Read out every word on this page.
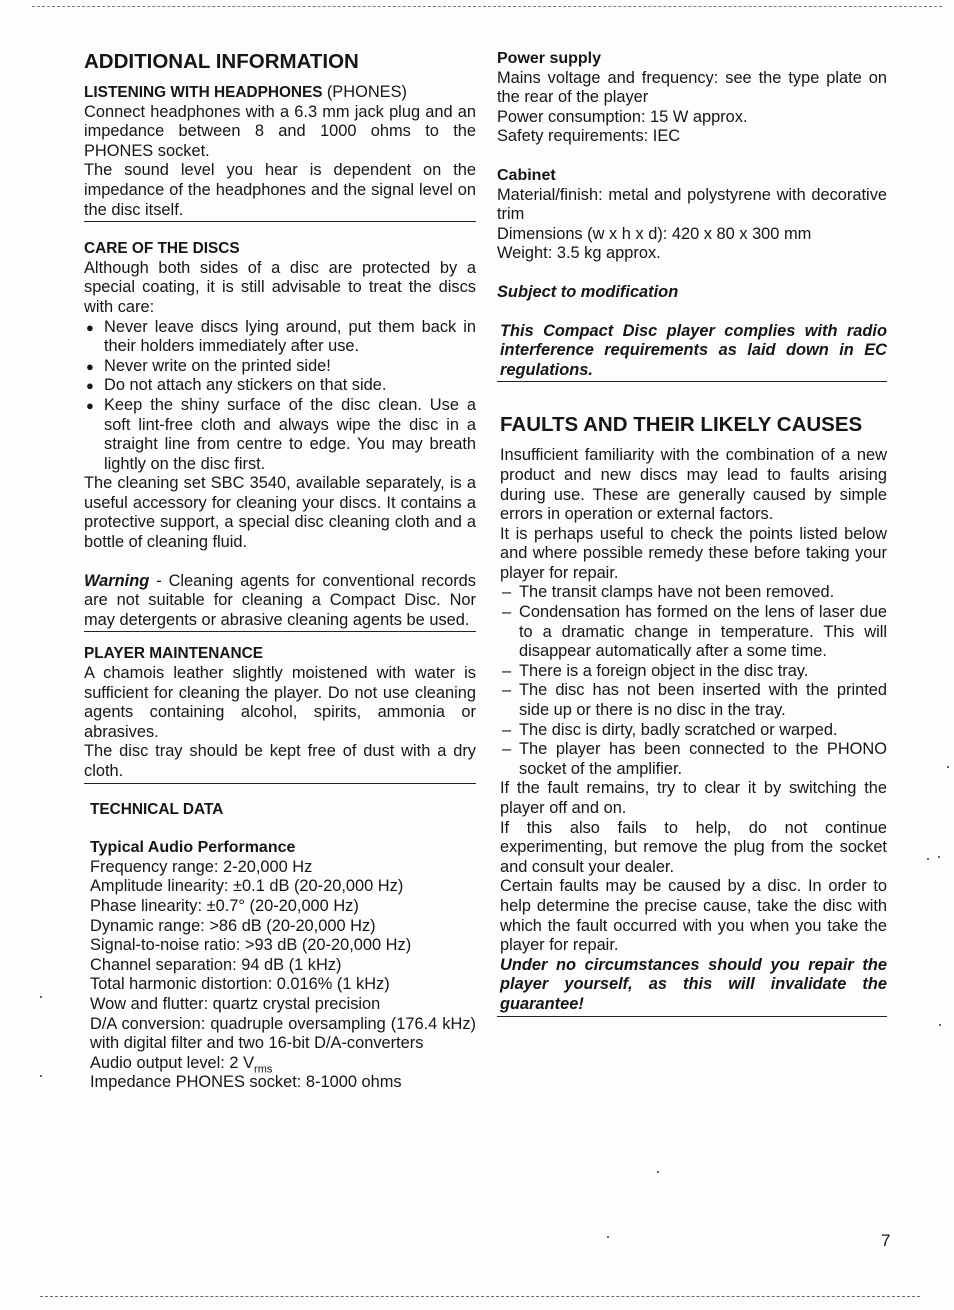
ADDITIONAL INFORMATION
LISTENING WITH HEADPHONES (PHONES)

Connect headphones with a 6.3 mm jack plug and an impedance between 8 and 1000 ohms to the PHONES socket.

The sound level you hear is dependent on the impedance of the headphones and the signal level on the disc itself.

CARE OF THE DISCS

Although both sides of a disc are protected by a special coating, it is still advisable to treat the discs with care:

● Never leave discs lying around, put them back in their holders immediately after use.
● Never write on the printed side!
● Do not attach any stickers on that side.
● Keep the shiny surface of the disc clean. Use a soft lint-free cloth and always wipe the disc in a straight line from centre to edge. You may breath lightly on the disc first.

The cleaning set SBC 3540, available separately, is a useful accessory for cleaning your discs. It contains a protective support, a special disc cleaning cloth and a bottle of cleaning fluid.

Warning - Cleaning agents for conventional records are not suitable for cleaning a Compact Disc. Nor may detergents or abrasive cleaning agents be used.

PLAYER MAINTENANCE

A chamois leather slightly moistened with water is sufficient for cleaning the player. Do not use cleaning agents containing alcohol, spirits, ammonia or abrasives.

The disc tray should be kept free of dust with a dry cloth.

TECHNICAL DATA
Typical Audio Performance
Frequency range: 2-20,000 Hz
Amplitude linearity: ±0.1 dB (20-20,000 Hz)
Phase linearity: ±0.7° (20-20,000 Hz)
Dynamic range: >86 dB (20-20,000 Hz)
Signal-to-noise ratio: >93 dB (20-20,000 Hz)
Channel separation: 94 dB (1 kHz)
Total harmonic distortion: 0.016% (1 kHz)
Wow and flutter: quartz crystal precision

D/A conversion: quadruple oversampling (176.4 kHz) with digital filter and two 16-bit D/A-converters

Audio output level: 2 $V_{rms}$
Impedance PHONES socket: 8-1000 ohms
Power supply

Mains voltage and frequency: see the type plate on the rear of the player

Power consumption: 15 W approx.
Safety requirements: IEC
Cabinet

Material/finish: metal and polystyrene with decorative trim

Dimensions (w x h x d): 420 x 80 x 300 mm
Weight: 3.5 kg approx.
Subject to modification

This Compact Disc player complies with radio interference requirements as laid down in EC regulations.

FAULTS AND THEIR LIKELY CAUSES

Insufficient familiarity with the combination of a new product and new discs may lead to faults arising during use. These are generally caused by simple errors in operation or external factors.

It is perhaps useful to check the points listed below and where possible remedy these before taking your player for repair.

– The transit clamps have not been removed.
– Condensation has formed on the lens of laser due to a dramatic change in temperature. This will disappear automatically after a some time.
– There is a foreign object in the disc tray.
– The disc has not been inserted with the printed side up or there is no disc in the tray.
– The disc is dirty, badly scratched or warped.
– The player has been connected to the PHONO socket of the amplifier.

If the fault remains, try to clear it by switching the player off and on.

If this also fails to help, do not continue experimenting, but remove the plug from the socket and consult your dealer.

Certain faults may be caused by a disc. In order to help determine the precise cause, take the disc with which the fault occurred with you when you take the player for repair.

Under no circumstances should you repair the player yourself, as this will invalidate the guarantee!

7
